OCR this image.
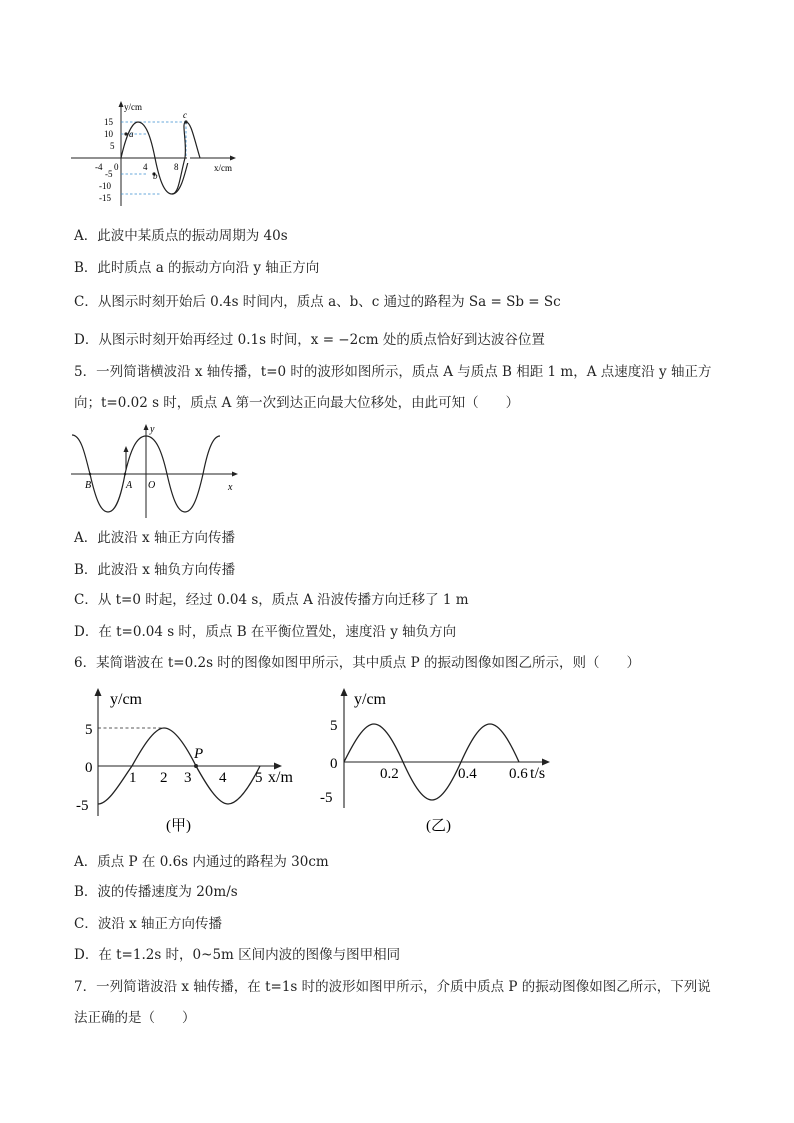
y/cm
x/cm
15
10
5
-5
-10
-15
-4 0	4	8
a
b
c
A．此波中某质点的振动周期为 40s
B．此时质点 a 的振动方向沿 y 轴正方向
C．从图示时刻开始后 0.4s 时间内，质点 a、b、c 通过的路程为 Sa = Sb = Sc
D．从图示时刻开始再经过 0.1s 时间，x = −2cm 处的质点恰好到达波谷位置
5．一列简谐横波沿 x 轴传播，t=0 时的波形如图所示，质点 A 与质点 B 相距 1 m，A 点速度沿 y 轴正方
向；t=0.02 s 时，质点 A 第一次到达正向最大位移处，由此可知（　　）
y
x
B	A O
A．此波沿 x 轴正方向传播
B．此波沿 x 轴负方向传播
C．从 t=0 时起，经过 0.04 s，质点 A 沿波传播方向迁移了 1 m
D．在 t=0.04 s 时，质点 B 在平衡位置处，速度沿 y 轴负方向
6．某简谐波在 t=0.2s 时的图像如图甲所示，其中质点 P 的振动图像如图乙所示，则（　　）
y/cm
x/m
5
0
-5
1 2 3 4 5
P
(甲)
y/cm
t/s
5
0
-5
0.2	0.4 0.6
(乙)
A．质点 P 在 0.6s 内通过的路程为 30cm
B．波的传播速度为 20m/s
C．波沿 x 轴正方向传播
D．在 t=1.2s 时，0~5m 区间内波的图像与图甲相同
7．一列简谐波沿 x 轴传播，在 t=1s 时的波形如图甲所示，介质中质点 P 的振动图像如图乙所示，下列说
法正确的是（　　）
